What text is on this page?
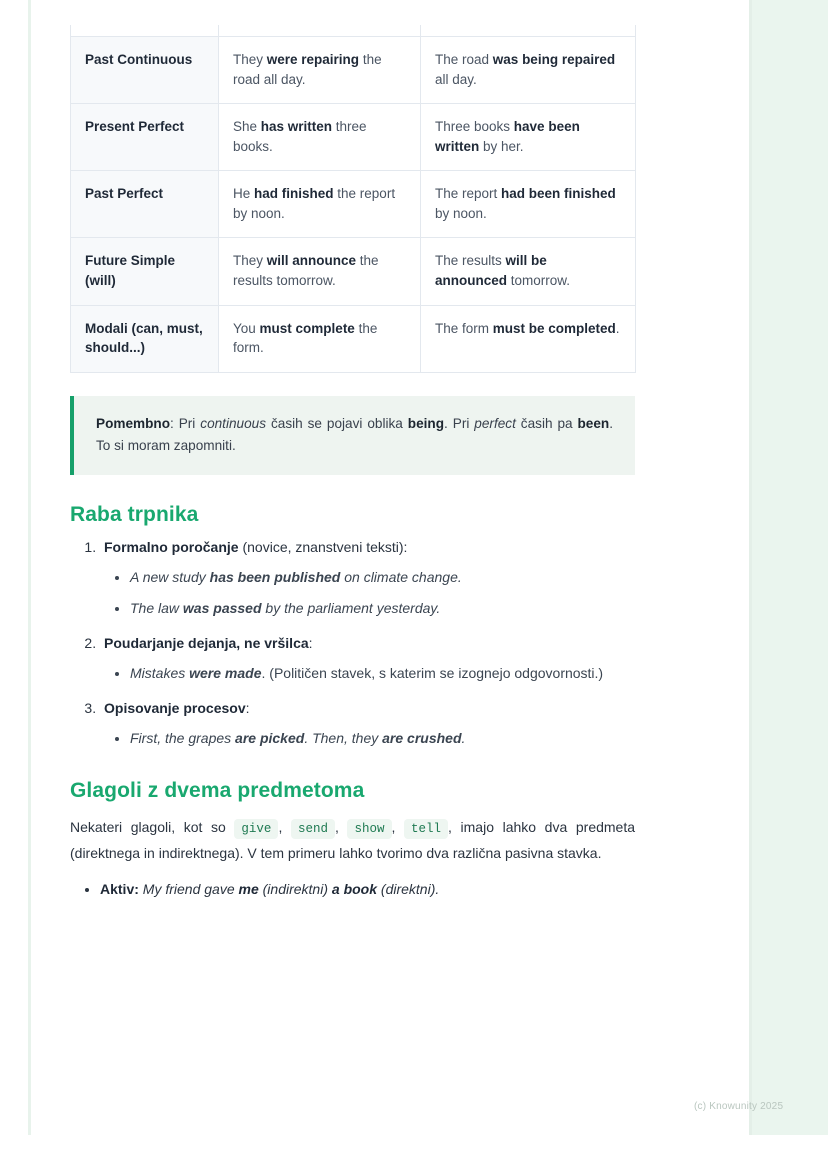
Past Continuous	They were repairing the road all day.	The road was being repaired all day.
Present Perfect	She has written three books.	Three books have been written by her.
Past Perfect	He had finished the report by noon.	The report had been finished by noon.
Future Simple (will)	They will announce the results tomorrow.	The results will be announced tomorrow.
Modali (can, must, should...)	You must complete the form.	The form must be completed.
Pomembno: Pri continuous časih se pojavi oblika being. Pri perfect časih pa been. To si moram zapomniti.
Raba trpnika
1. Formalno poročanje (novice, znanstveni teksti):
• A new study has been published on climate change.
• The law was passed by the parliament yesterday.
2. Poudarjanje dejanja, ne vršilca:
• Mistakes were made. (Političen stavek, s katerim se izognejo odgovornosti.)
3. Opisovanje procesov:
• First, the grapes are picked. Then, they are crushed.
Glagoli z dvema predmetoma

Nekateri glagoli, kot so give , send , show , tell , imajo lahko dva predmeta (direktnega in indirektnega). V tem primeru lahko tvorimo dva različna pasivna stavka.

• Aktiv: My friend gave me (indirektni) a book (direktni).
(c) Knowunity 2025
